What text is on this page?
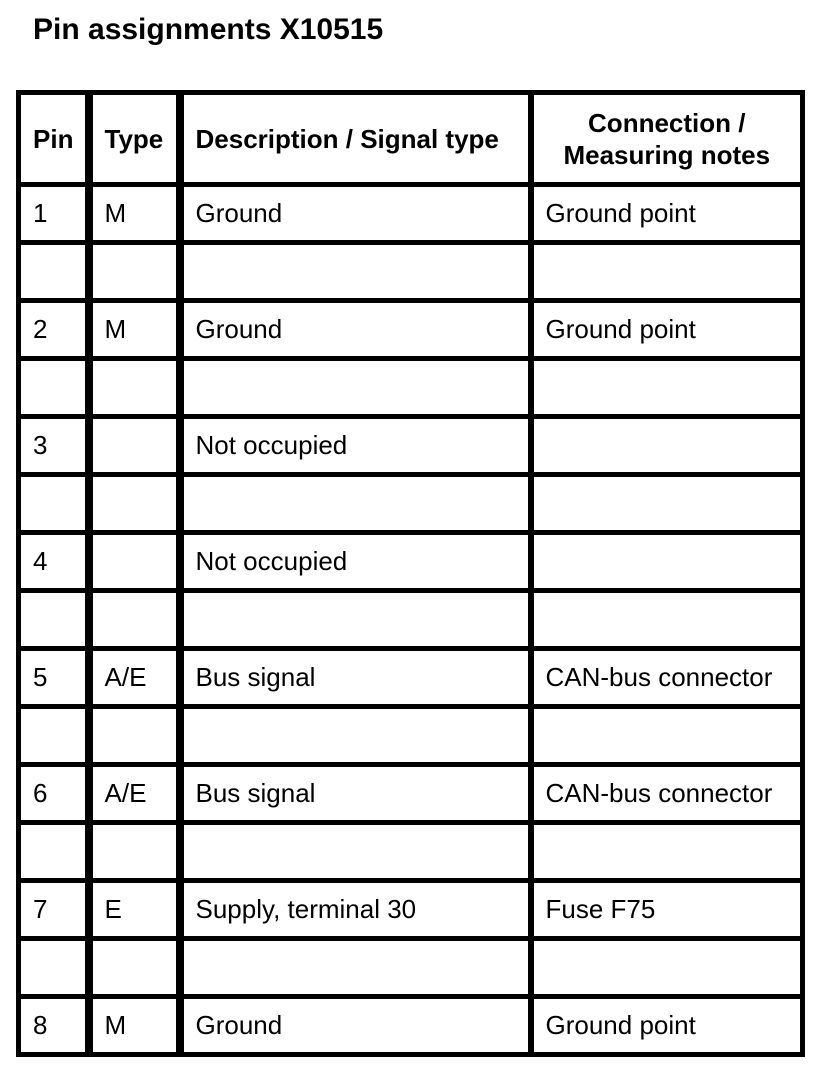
Pin assignments X10515
Pin	Type	Description / Signal type	Connection / Measuring notes
1	M	Ground	Ground point

2	M	Ground	Ground point

3		Not occupied	

4		Not occupied	

5	A/E	Bus signal	CAN-bus connector

6	A/E	Bus signal	CAN-bus connector

7	E	Supply, terminal 30	Fuse F75

8	M	Ground	Ground point
